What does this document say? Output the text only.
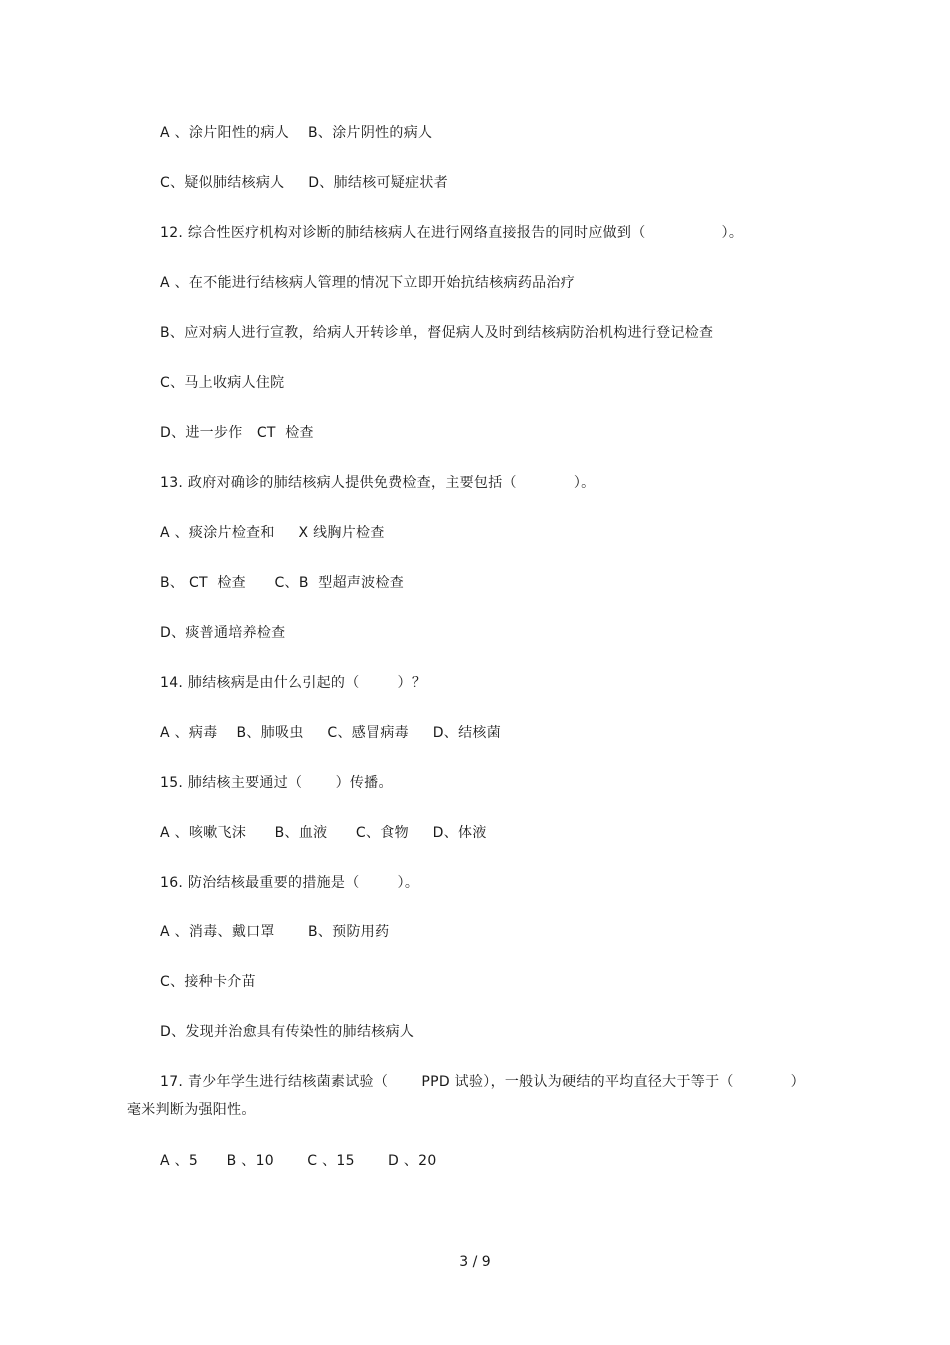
A 、涂片阳性的病人    B、涂片阴性的病人
C、疑似肺结核病人     D、肺结核可疑症状者
12. 综合性医疗机构对诊断的肺结核病人在进行网络直接报告的同时应做到（                ）。
A 、在不能进行结核病人管理的情况下立即开始抗结核病药品治疗
B、应对病人进行宣教，给病人开转诊单，督促病人及时到结核病防治机构进行登记检查
C、马上收病人住院
D、进一步作   CT  检查
13. 政府对确诊的肺结核病人提供免费检查，主要包括（            ）。
A 、痰涂片检查和     X 线胸片检查
B、 CT  检查      C、B  型超声波检查
D、痰普通培养检查
14. 肺结核病是由什么引起的（        ）？
A 、病毒    B、肺吸虫     C、感冒病毒     D、结核菌
15. 肺结核主要通过（       ）传播。
A 、咳嗽飞沫      B、血液      C、食物     D、体液
16. 防治结核最重要的措施是（        ）。
A 、消毒、戴口罩       B、预防用药
C、接种卡介苗
D、发现并治愈具有传染性的肺结核病人
17. 青少年学生进行结核菌素试验（       PPD 试验），一般认为硬结的平均直径大于等于（            ）
毫米判断为强阳性。
A 、5      B 、10       C 、15       D 、20
3 / 9
